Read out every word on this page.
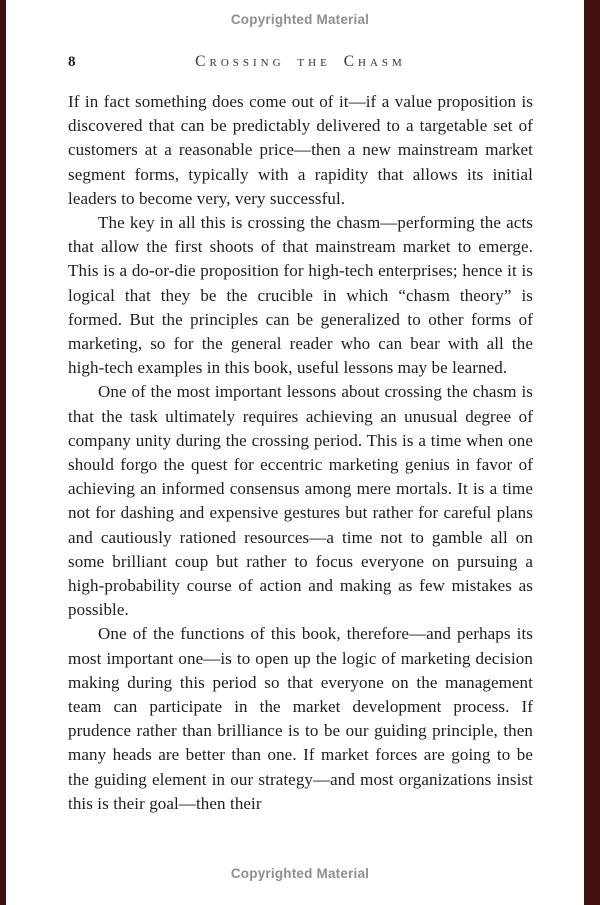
Copyrighted Material
8	Crossing the Chasm

If in fact something does come out of it—if a value proposition is discovered that can be predictably delivered to a targetable set of customers at a reasonable price—then a new mainstream market segment forms, typically with a rapidity that allows its initial leaders to become very, very successful.

The key in all this is crossing the chasm—performing the acts that allow the first shoots of that mainstream market to emerge. This is a do-or-die proposition for high-tech enterprises; hence it is logical that they be the crucible in which “chasm theory” is formed. But the principles can be generalized to other forms of marketing, so for the general reader who can bear with all the high-tech examples in this book, useful lessons may be learned.

One of the most important lessons about crossing the chasm is that the task ultimately requires achieving an unusual degree of company unity during the crossing period. This is a time when one should forgo the quest for eccentric marketing genius in favor of achieving an informed consensus among mere mortals. It is a time not for dashing and expensive gestures but rather for careful plans and cautiously rationed resources—a time not to gamble all on some brilliant coup but rather to focus everyone on pursuing a high-probability course of action and making as few mistakes as possible.

One of the functions of this book, therefore—and perhaps its most important one—is to open up the logic of marketing decision making during this period so that everyone on the management team can participate in the market development process. If prudence rather than brilliance is to be our guiding principle, then many heads are better than one. If market forces are going to be the guiding element in our strategy—and most organizations insist this is their goal—then their

Copyrighted Material
